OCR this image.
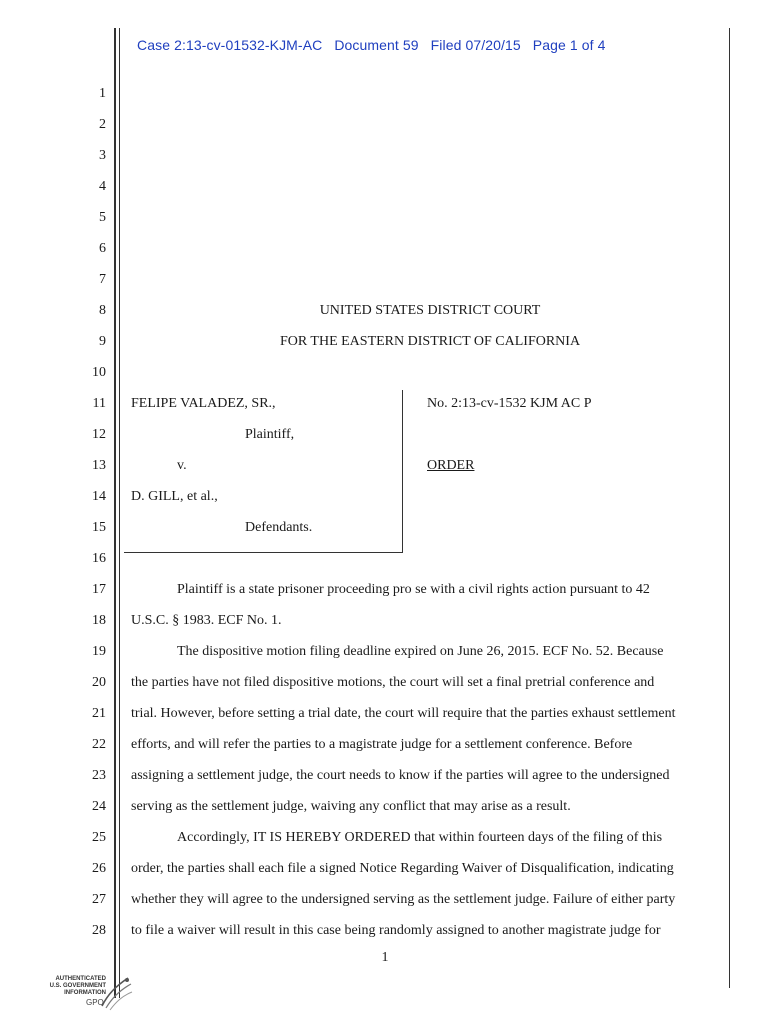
Case 2:13-cv-01532-KJM-AC   Document 59   Filed 07/20/15   Page 1 of 4
1
2
3
4
5
6
7
8
9
10
11
12
13
14
15
16
17
18
19
20
21
22
23
24
25
26
27
28
UNITED STATES DISTRICT COURT
FOR THE EASTERN DISTRICT OF CALIFORNIA
FELIPE VALADEZ, SR.,
Plaintiff,
v.
D. GILL, et al.,
Defendants.
No. 2:13-cv-1532 KJM AC P
ORDER
Plaintiff is a state prisoner proceeding pro se with a civil rights action pursuant to 42
U.S.C. § 1983. ECF No. 1.
The dispositive motion filing deadline expired on June 26, 2015. ECF No. 52. Because
the parties have not filed dispositive motions, the court will set a final pretrial conference and
trial. However, before setting a trial date, the court will require that the parties exhaust settlement
efforts, and will refer the parties to a magistrate judge for a settlement conference. Before
assigning a settlement judge, the court needs to know if the parties will agree to the undersigned
serving as the settlement judge, waiving any conflict that may arise as a result.
Accordingly, IT IS HEREBY ORDERED that within fourteen days of the filing of this
order, the parties shall each file a signed Notice Regarding Waiver of Disqualification, indicating
whether they will agree to the undersigned serving as the settlement judge. Failure of either party
to file a waiver will result in this case being randomly assigned to another magistrate judge for
1
AUTHENTICATED
U.S. GOVERNMENT
INFORMATION
GPO
